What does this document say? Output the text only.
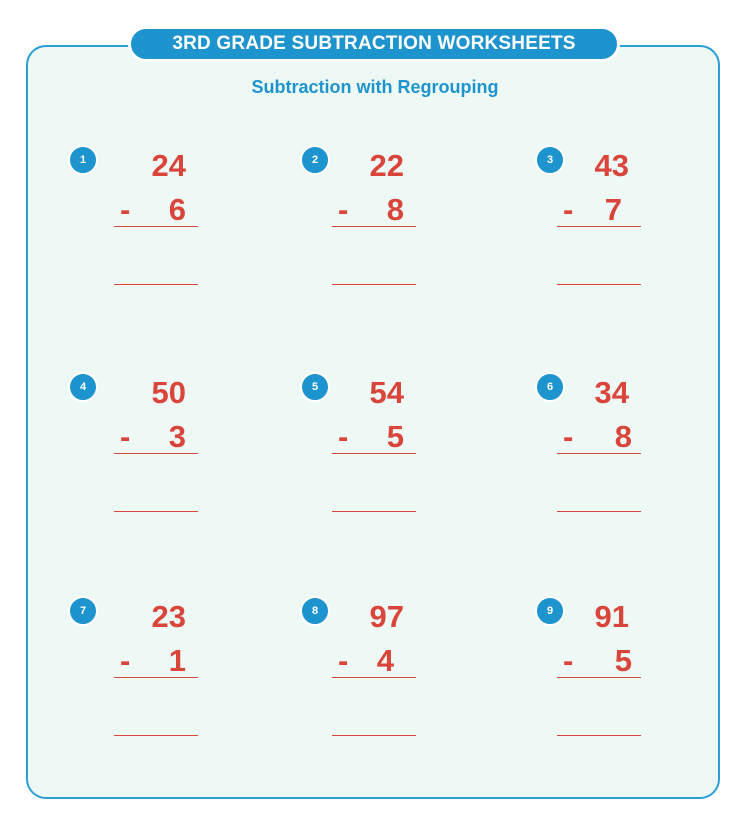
3RD GRADE SUBTRACTION WORKSHEETS
Subtraction with Regrouping
1	24
-	6
2	22
-	8
3	43
-	7
4	50
-	3
5	54
-	5
6	34
-	8
7	23
-	1
8	97
- 4
9	91
-	5
